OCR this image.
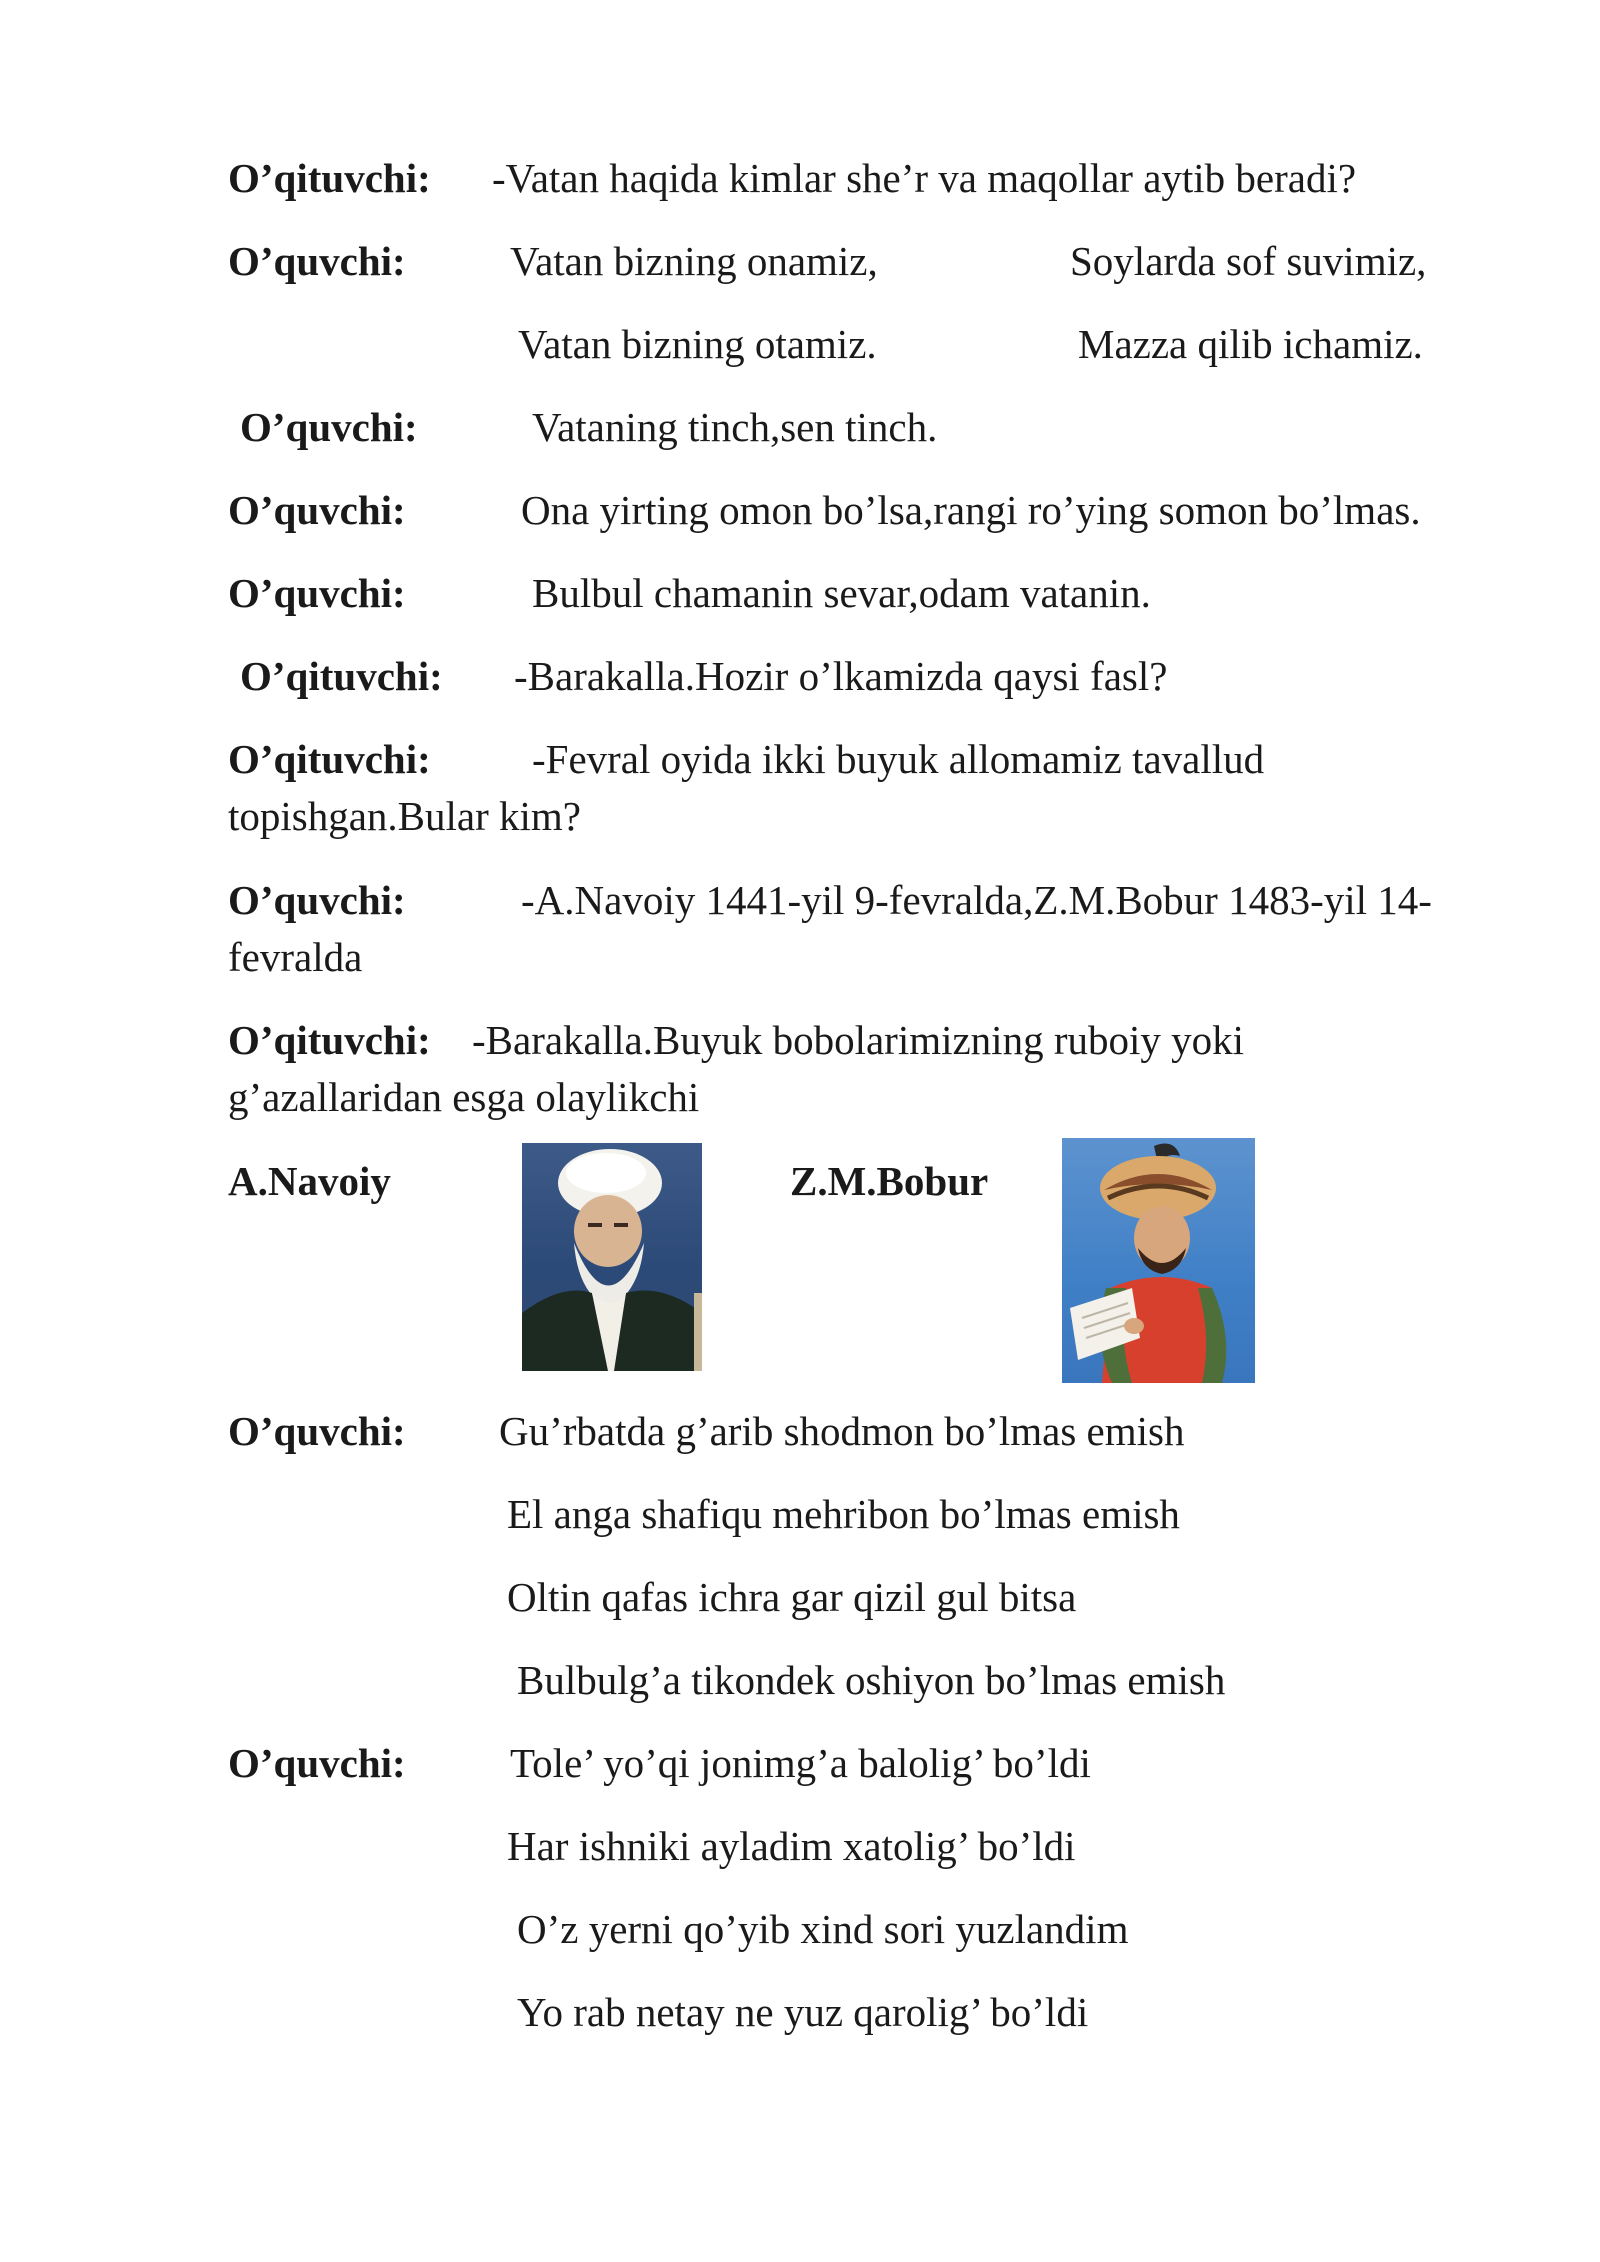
O’qituvchi: -Vatan haqida kimlar she’r va maqollar aytib beradi?
O’quvchi:	Vatan bizning onamiz,	Soylarda sof suvimiz,
Vatan bizning otamiz.	Mazza qilib ichamiz.
O’quvchi:	Vataning tinch,sen tinch.
O’quvchi:	Ona yirting omon bo’lsa,rangi ro’ying somon bo’lmas.
O’quvchi:	Bulbul chamanin sevar,odam vatanin.
O’qituvchi: -Barakalla.Hozir o’lkamizda qaysi fasl?
O’qituvchi: -Fevral oyida ikki buyuk allomamiz tavallud
topishgan.Bular kim?
O’quvchi:	-A.Navoiy 1441-yil 9-fevralda,Z.M.Bobur 1483-yil 14-
fevralda
O’qituvchi: -Barakalla.Buyuk bobolarimizning ruboiy yoki
g’azallaridan esga olaylikchi
A.Navoiy	Z.M.Bobur
O’quvchi: Gu’rbatda g’arib shodmon bo’lmas emish
El anga shafiqu mehribon bo’lmas emish
Oltin qafas ichra gar qizil gul bitsa
Bulbulg’a tikondek oshiyon bo’lmas emish
O’quvchi:	Tole’ yo’qi jonimg’a balolig’ bo’ldi
Har ishniki ayladim xatolig’ bo’ldi
O’z yerni qo’yib xind sori yuzlandim
Yo rab netay ne yuz qarolig’ bo’ldi
